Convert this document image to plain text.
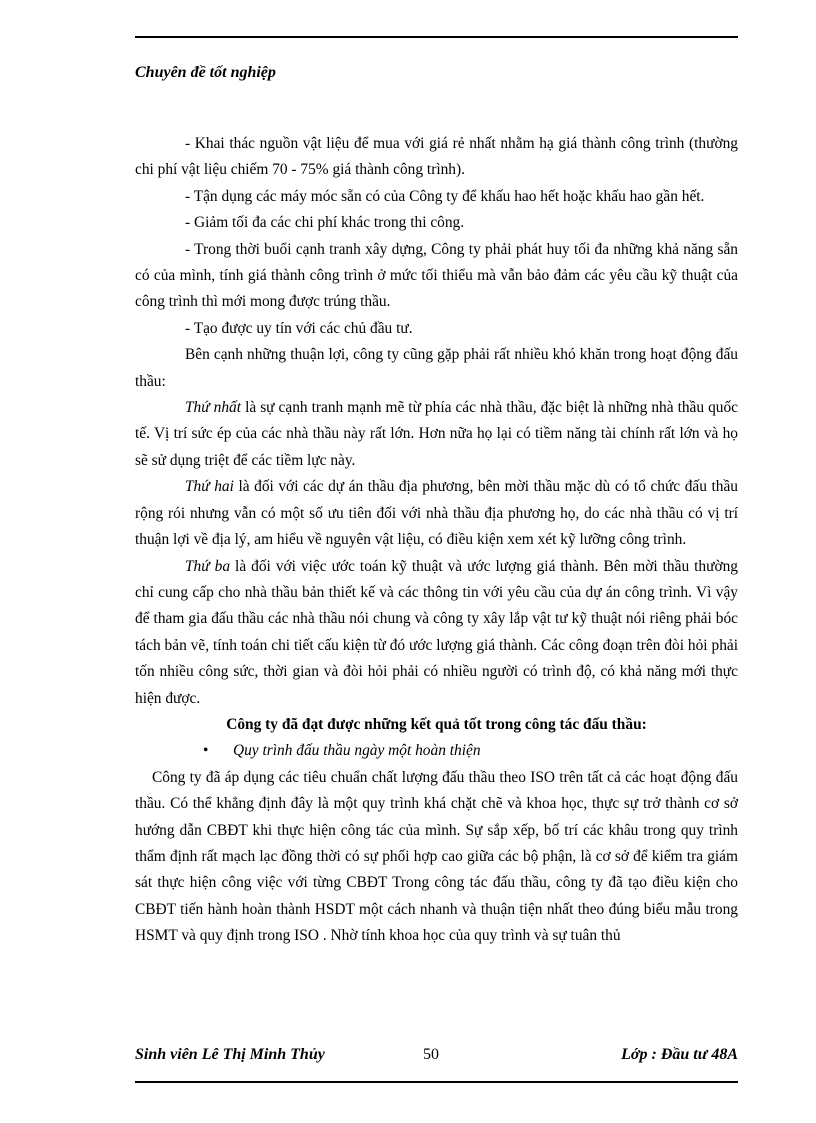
Chuyên đề tốt nghiệp

- Khai thác nguồn vật liệu để mua với giá rẻ nhất nhằm hạ giá thành công trình (thường chi phí vật liệu chiếm 70 - 75% giá thành công trình).

- Tận dụng các máy móc sẵn có của Công ty để khấu hao hết hoặc khấu hao gần hết.

- Giảm tối đa các chi phí khác trong thi công.

- Trong thời buổi cạnh tranh xây dựng, Công ty phải phát huy tối đa những khả năng sẵn có của mình, tính giá thành công trình ở mức tối thiểu mà vẫn bảo đảm các yêu cầu kỹ thuật của công trình thì mới mong được trúng thầu.

- Tạo được uy tín với các chủ đầu tư.

Bên cạnh những thuận lợi, công ty cũng gặp phải rất nhiều khó khăn trong hoạt động đấu thầu:

Thứ nhất là sự cạnh tranh mạnh mẽ từ phía các nhà thầu, đặc biệt là những nhà thầu quốc tế. Vị trí sức ép của các nhà thầu này rất lớn. Hơn nữa họ lại có tiềm năng tài chính rất lớn và họ sẽ sử dụng triệt để các tiềm lực này.

Thứ hai là đối với các dự án thầu địa phương, bên mời thầu mặc dù có tổ chức đấu thầu rộng rói nhưng vẫn có một số ưu tiên đối với nhà thầu địa phương họ, do các nhà thầu có vị trí thuận lợi về địa lý, am hiểu về nguyên vật liệu, có điều kiện xem xét kỹ lưỡng công trình.

Thứ ba là đối với việc ước toán kỹ thuật và ước lượng giá thành. Bên mời thầu thường chỉ cung cấp cho nhà thầu bản thiết kế và các thông tin với yêu cầu của dự án công trình. Vì vậy để tham gia đấu thầu các nhà thầu nói chung và công ty xây lắp vật tư kỹ thuật nói riêng phải bóc tách bản vẽ, tính toán chi tiết cấu kiện từ đó ước lượng giá thành. Các công đoạn trên đòi hỏi phải tốn nhiều công sức, thời gian và đòi hỏi phải có nhiều người có trình độ, có khả năng mới thực hiện được.

Công ty đã đạt được những kết quả tốt trong công tác đấu thầu:

• Quy trình đấu thầu ngày một hoàn thiện

Công ty đã áp dụng các tiêu chuẩn chất lượng đấu thầu theo ISO trên tất cả các hoạt động đấu thầu. Có thể khẳng định đây là một quy trình khá chặt chẽ và khoa học, thực sự trở thành cơ sở hướng dẫn CBĐT khi thực hiện công tác của mình. Sự sắp xếp, bố trí các khâu trong quy trình thẩm định rất mạch lạc đồng thời có sự phối hợp cao giữa các bộ phận, là cơ sở để kiểm tra giám sát thực hiện công việc với từng CBĐT Trong công tác đấu thầu, công ty đã tạo điều kiện cho CBĐT tiến hành hoàn thành HSDT một cách nhanh và thuận tiện nhất theo đúng biểu mẫu trong HSMT và quy định trong ISO . Nhờ tính khoa học của quy trình và sự tuân thủ

Sinh viên Lê Thị Minh Thủy	50	Lớp : Đầu tư 48A
